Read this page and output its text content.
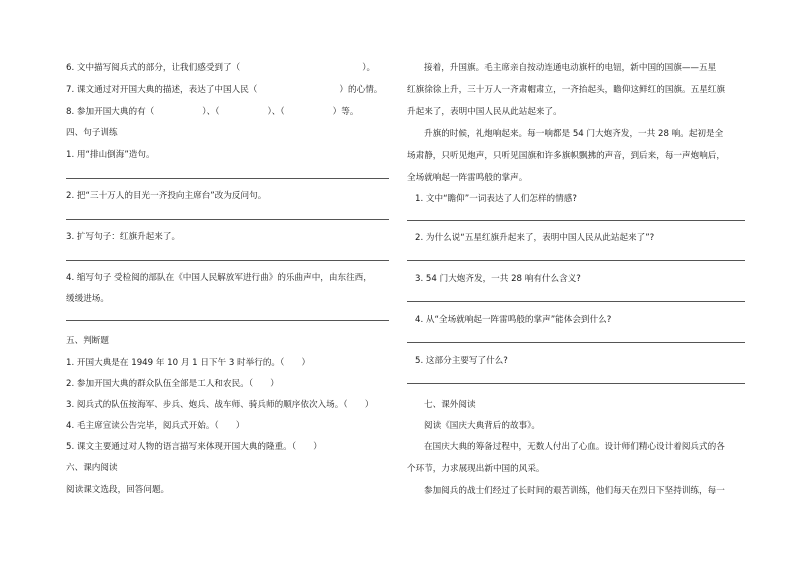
6. 文中描写阅兵式的部分，让我们感受到了（	）。
7. 课文通过对开国大典的描述，表达了中国人民（	）的心情。
8. 参加开国大典的有（	）、（	）、（	）等。
四、句子训练
1. 用“排山倒海”造句。
2. 把“三十万人的目光一齐投向主席台”改为反问句。
3. 扩写句子：红旗升起来了。
4. 缩写句子 受检阅的部队在《中国人民解放军进行曲》的乐曲声中，由东往西，
缓缓进场。
五、判断题
1. 开国大典是在 1949 年 10 月 1 日下午 3 时举行的。（　　）
2. 参加开国大典的群众队伍全部是工人和农民。（　　）
3. 阅兵式的队伍按海军、步兵、炮兵、战车师、骑兵师的顺序依次入场。（　　）
4. 毛主席宣读公告完毕，阅兵式开始。（　　）
5. 课文主要通过对人物的语言描写来体现开国大典的隆重。（　　）
六、课内阅读
阅读课文选段，回答问题。
接着，升国旗。毛主席亲自按动连通电动旗杆的电钮，新中国的国旗——五星
红旗徐徐上升，三十万人一齐肃帽肃立，一齐抬起头，瞻仰这鲜红的国旗。五星红旗
升起来了，表明中国人民从此站起来了。
升旗的时候，礼炮响起来。每一响都是 54 门大炮齐发，一共 28 响。起初是全
场肃静，只听见炮声，只听见国旗和许多旗帜飘拂的声音，到后来，每一声炮响后，
全场就响起一阵雷鸣般的掌声。
1. 文中“瞻仰”一词表达了人们怎样的情感?
2. 为什么说“五星红旗升起来了，表明中国人民从此站起来了”?
3. 54 门大炮齐发，一共 28 响有什么含义?
4. 从“全场就响起一阵雷鸣般的掌声”能体会到什么?
5. 这部分主要写了什么?
七、课外阅读
阅读《国庆大典背后的故事》。
在国庆大典的筹备过程中，无数人付出了心血。设计师们精心设计着阅兵式的各
个环节，力求展现出新中国的风采。
参加阅兵的战士们经过了长时间的艰苦训练，他们每天在烈日下坚持训练，每一
